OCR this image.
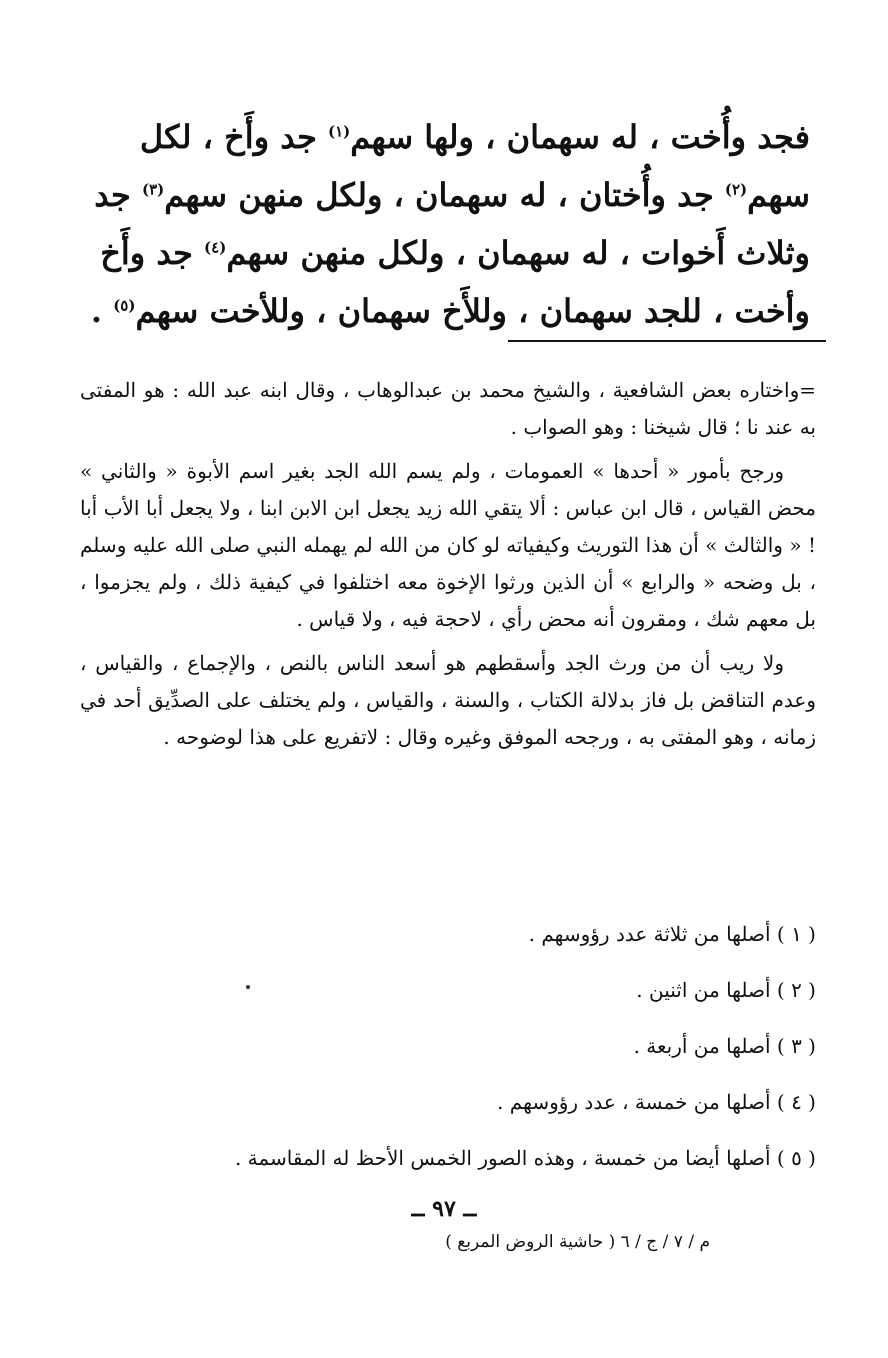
فجد وأُخت ، له سهمان ، ولها سهم$^{(١)}$ جد وأَخ ، لكل

سهم$^{(٢)}$ جد وأُختان ، له سهمان ، ولكل منهن سهم$^{(٣)}$ جد

وثلاث أَخوات ، له سهمان ، ولكل منهن سهم$^{(٤)}$ جد وأَخ

وأخت ، للجد سهمان ، وللأَخ سهمان ، وللأخت سهم$^{(٥)}$ .

=واختاره بعض الشافعية ، والشيخ محمد بن عبدالوهاب ، وقال ابنه عبد الله : هو المفتى به عند نا ؛ قال شيخنا : وهو الصواب .

ورجح بأمور « أحدها » العمومات ، ولم يسم الله الجد بغير اسم الأبوة « والثاني » محض القياس ، قال ابن عباس : ألا يتقي الله زيد يجعل ابن الابن ابنا ، ولا يجعل أبا الأب أبا ! « والثالث » أن هذا التوريث وكيفياته لو كان من الله لم يهمله النبي صلى الله عليه وسلم ، بل وضحه « والرابع » أن الذين ورثوا الإخوة معه اختلفوا في كيفية ذلك ، ولم يجزموا ، بل معهم شك ، ومقرون أنه محض رأي ، لاحجة فيه ، ولا قياس .

ولا ريب أن من ورث الجد وأسقطهم هو أسعد الناس بالنص ، والإجماع ، والقياس ، وعدم التناقض بل فاز بدلالة الكتاب ، والسنة ، والقياس ، ولم يختلف على الصدِّيق أحد في زمانه ، وهو المفتى به ، ورجحه الموفق وغيره وقال : لاتفريع على هذا لوضوحه .

( ١ ) أصلها من ثلاثة عدد رؤوسهم .
( ٢ ) أصلها من اثنين .
( ٣ ) أصلها من أربعة .
( ٤ ) أصلها من خمسة ، عدد رؤوسهم .
( ٥ ) أصلها أيضا من خمسة ، وهذه الصور الخمس الأحظ له المقاسمة .
ــ ٩٧ ــ
م / ٧ / ج / ٦ ( حاشية الروض المربع )
